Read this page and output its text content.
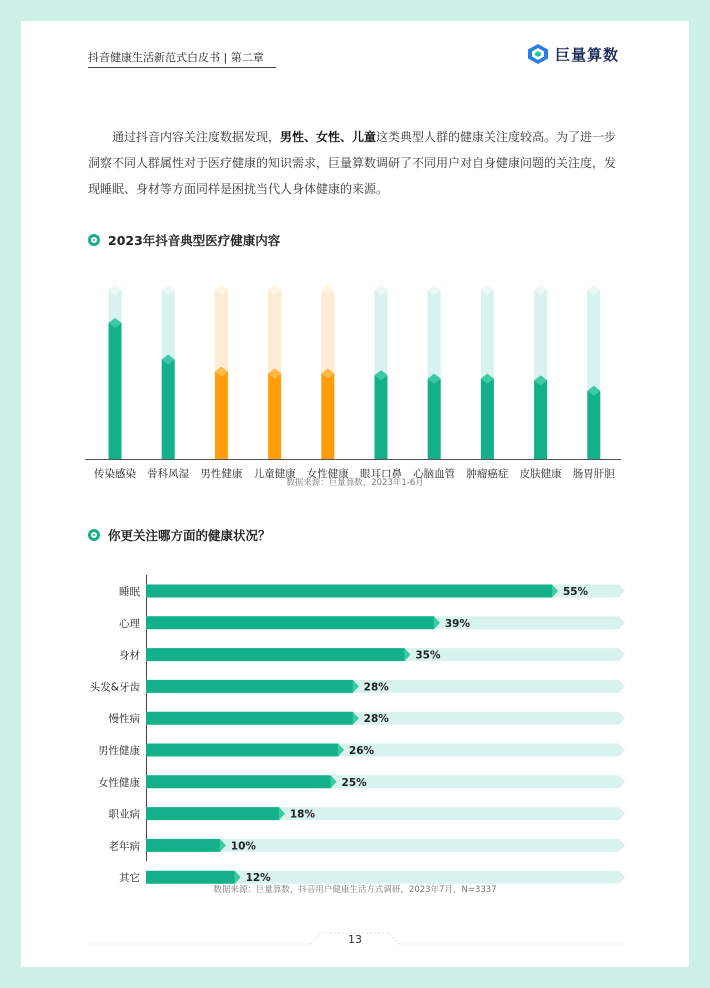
抖音健康生活新范式白皮书 | 第二章	巨量算数

通过抖音内容关注度数据发现，男性、女性、儿童这类典型人群的健康关注度较高。为了进一步洞察不同人群属性对于医疗健康的知识需求，巨量算数调研了不同用户对自身健康问题的关注度，发现睡眠、身材等方面同样是困扰当代人身体健康的来源。

2023年抖音典型医疗健康内容
传染感染 骨科风湿 男性健康 儿童健康 女性健康 眼耳口鼻 心脑血管 肿瘤癌症 皮肤健康 肠胃肝胆
数据来源：巨量算数，2023年1-6月
你更关注哪方面的健康状况？
55%
睡眠
39%
心理
35%
身材
28%
头发&牙齿
28%
慢性病
26%
男性健康
25%
女性健康
18%
职业病
10%
老年病
12%
其它
数据来源：巨量算数，抖音用户健康生活方式调研，2023年7月，N=3337
13
